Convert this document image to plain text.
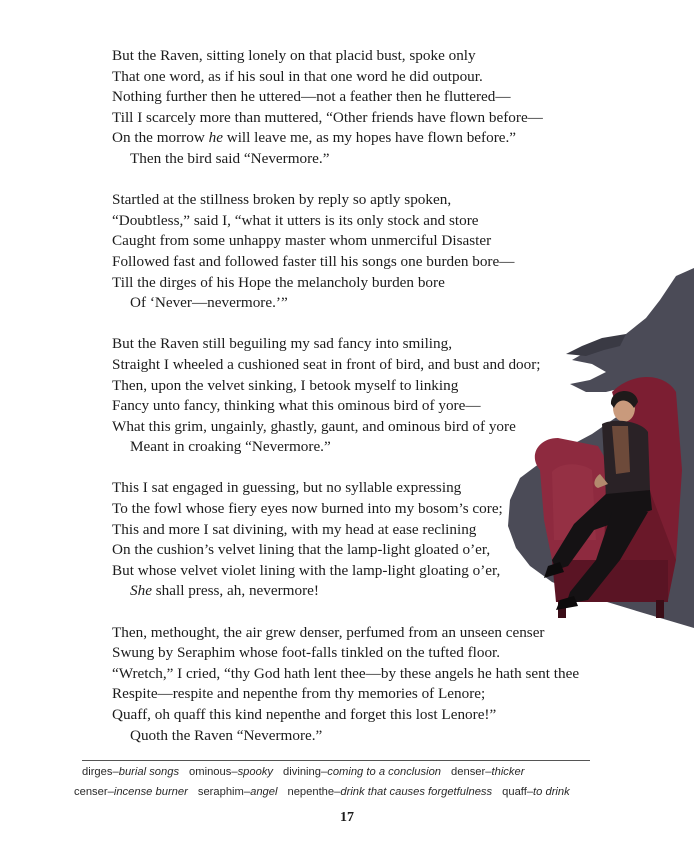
But the Raven, sitting lonely on that placid bust, spoke only
That one word, as if his soul in that one word he did outpour.
Nothing further then he uttered—not a feather then he fluttered—
Till I scarcely more than muttered, “Other friends have flown before—
On the morrow he will leave me, as my hopes have flown before.”
Then the bird said “Nevermore.”
Startled at the stillness broken by reply so aptly spoken,
“Doubtless,” said I, “what it utters is its only stock and store
Caught from some unhappy master whom unmerciful Disaster
Followed fast and followed faster till his songs one burden bore—
Till the dirges of his Hope the melancholy burden bore
Of ‘Never—nevermore.’”
But the Raven still beguiling my sad fancy into smiling,
Straight I wheeled a cushioned seat in front of bird, and bust and door;
Then, upon the velvet sinking, I betook myself to linking
Fancy unto fancy, thinking what this ominous bird of yore—
What this grim, ungainly, ghastly, gaunt, and ominous bird of yore
Meant in croaking “Nevermore.”
This I sat engaged in guessing, but no syllable expressing
To the fowl whose fiery eyes now burned into my bosom’s core;
This and more I sat divining, with my head at ease reclining
On the cushion’s velvet lining that the lamp-light gloated o’er,
But whose velvet violet lining with the lamp-light gloating o’er,
She shall press, ah, nevermore!
Then, methought, the air grew denser, perfumed from an unseen censer
Swung by Seraphim whose foot-falls tinkled on the tufted floor.
“Wretch,” I cried, “thy God hath lent thee—by these angels he hath sent thee
Respite—respite and nepenthe from thy memories of Lenore;
Quaff, oh quaff this kind nepenthe and forget this lost Lenore!”
Quoth the Raven “Nevermore.”
dirges–burial songs ominous–spooky divining–coming to a conclusion denser–thicker
censer–incense burner seraphim–angel nepenthe–drink that causes forgetfulness quaff–to drink
17
